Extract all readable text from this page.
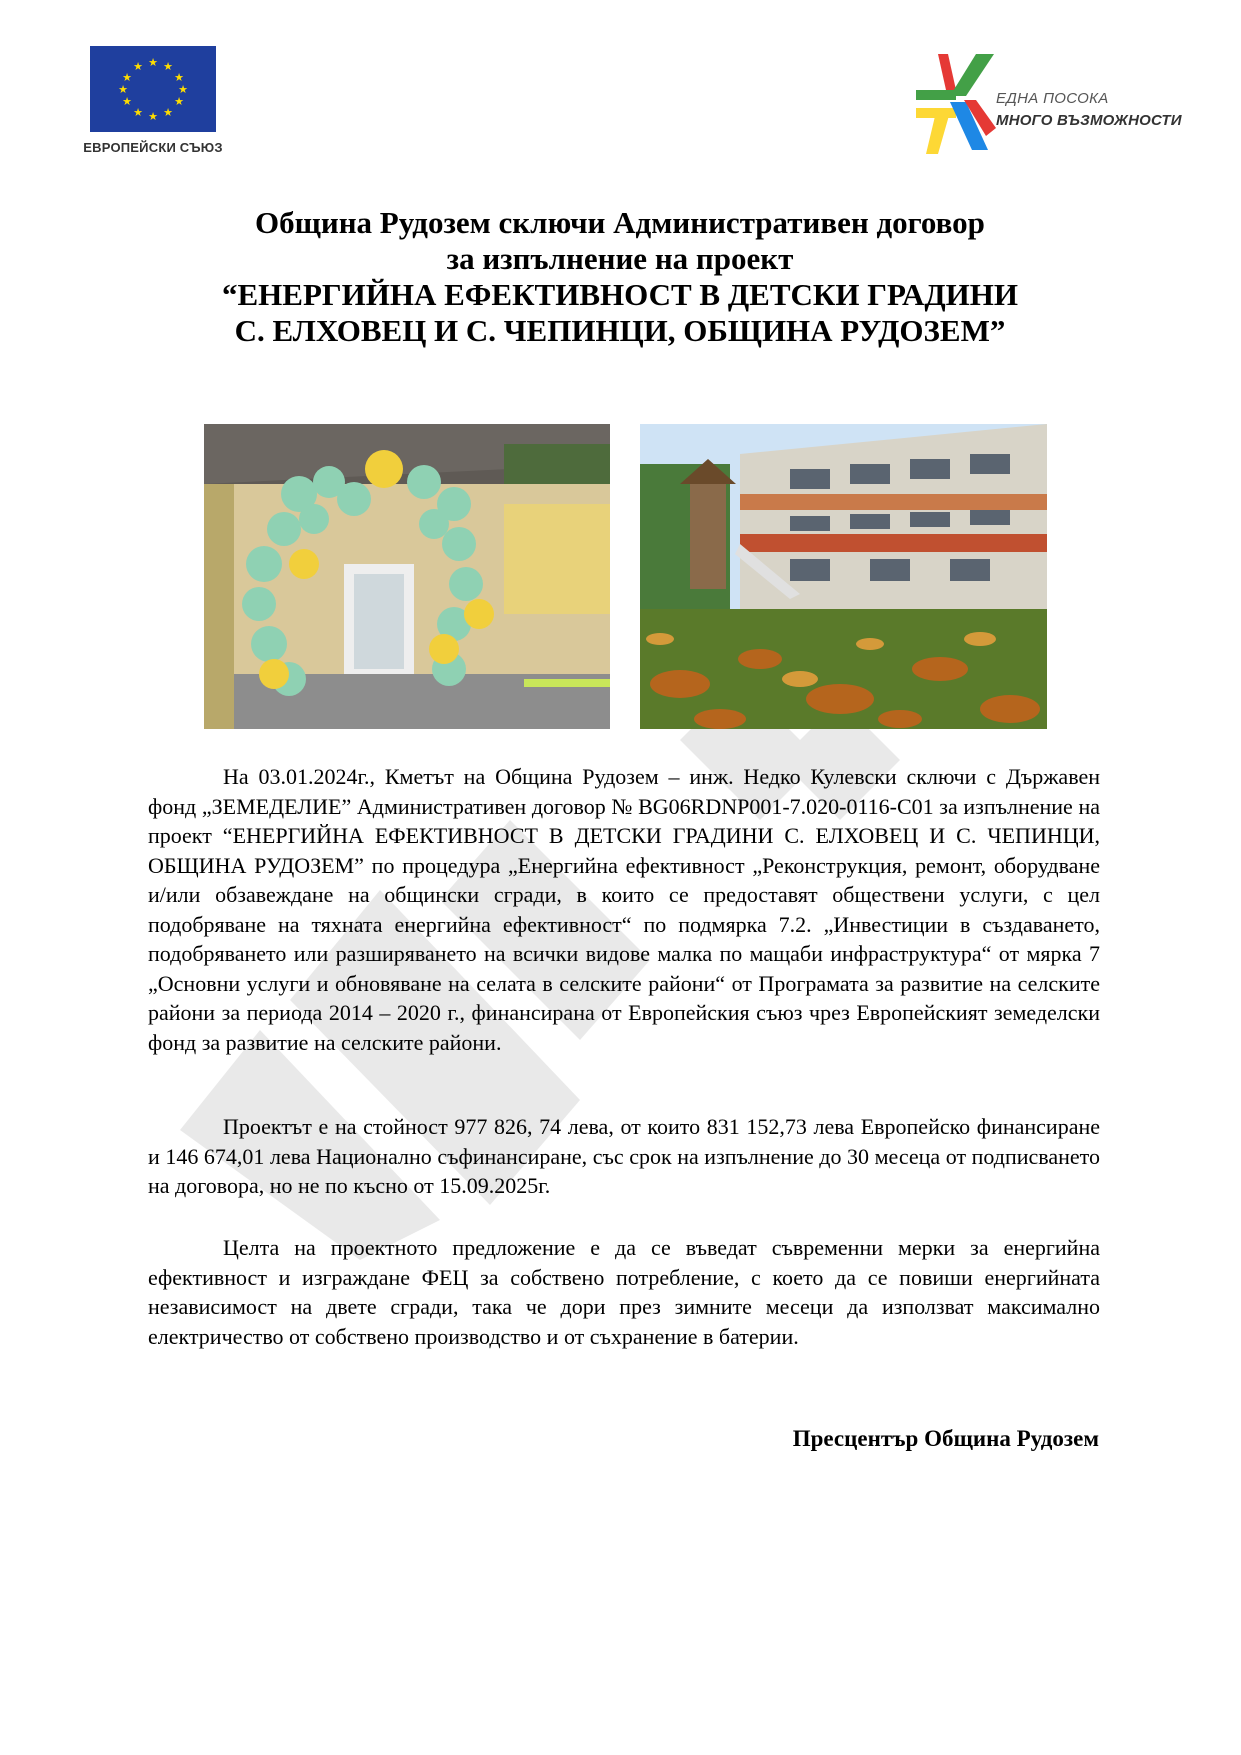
★ ★
★
★
★
★
★
★
★
★
★
★
ЕВРОПЕЙСКИ СЪЮЗ
ЕДНА ПОСОКА
МНОГО ВЪЗМОЖНОСТИ
Община Рудозем сключи Административен договор
за изпълнение на проект
“ЕНЕРГИЙНА ЕФЕКТИВНОСТ В ДЕТСКИ ГРАДИНИ
С. ЕЛХОВЕЦ И С. ЧЕПИНЦИ, ОБЩИНА РУДОЗЕМ”
На 03.01.2024г., Кметът на Община Рудозем – инж. Недко Кулевски сключи с Държавен фонд „ЗЕМЕДЕЛИЕ” Административен договор № BG06RDNP001-7.020-0116-C01 за изпълнение на проект “ЕНЕРГИЙНА ЕФЕКТИВНОСТ В ДЕТСКИ ГРАДИНИ С. ЕЛХОВЕЦ И С. ЧЕПИНЦИ, ОБЩИНА РУДОЗЕМ” по процедура „Енергийна ефективност „Реконструкция, ремонт, оборудване и/или обзавеждане на общински сгради, в които се предоставят обществени услуги, с цел подобряване на тяхната енергийна ефективност“ по подмярка 7.2. „Инвестиции в създаването, подобряването или разширяването на всички видове малка по мащаби инфраструктура“ от мярка 7 „Основни услуги и обновяване на селата в селските райони“ от Програмата за развитие на селските райони за периода 2014 – 2020 г., финансирана от Европейския съюз чрез Европейският земеделски фонд за развитие на селските райони.
Проектът е на стойност 977 826, 74 лева, от които 831 152,73 лева Европейско финансиране и 146 674,01 лева Национално съфинансиране, със срок на изпълнение до 30 месеца от подписването на договора, но не по късно от 15.09.2025г.
Целта на проектното предложение е да се въведат съвременни мерки за енергийна ефективност и изграждане ФЕЦ за собствено потребление, с което да се повиши енергийната независимост на двете сгради, така че дори през зимните месеци да използват максимално електричество от собствено производство и от съхранение в батерии.
Пресцентър Община Рудозем
